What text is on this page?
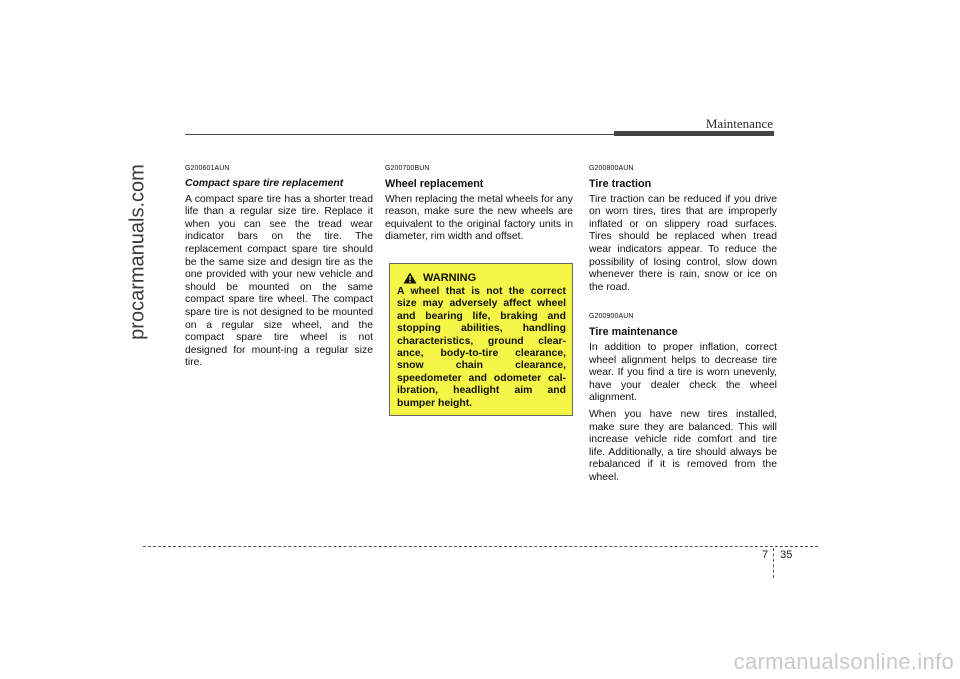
procarmanuals.com
Maintenance
G200601AUN
Compact spare tire replacement

A compact spare tire has a shorter tread life than a regular size tire. Replace it when you can see the tread wear indicator bars on the tire. The replacement compact spare tire should be the same size and design tire as the one provided with your new vehicle and should be mounted on the same compact spare tire wheel. The compact spare tire is not designed to be mounted on a regular size wheel, and the compact spare tire wheel is not designed for mount-ing a regular size tire.

G200700BUN
Wheel replacement

When replacing the metal wheels for any reason, make sure the new wheels are equivalent to the original factory units in diameter, rim width and offset.

WARNING
A wheel that is not the correct size may adversely affect wheel and bearing life, braking and stopping abilities, handling characteristics, ground clear-ance, body-to-tire clearance, snow chain clearance, speedometer and odometer cal-ibration, headlight aim and bumper height.
G200800AUN
Tire traction

Tire traction can be reduced if you drive on worn tires, tires that are improperly inflated or on slippery road surfaces. Tires should be replaced when tread wear indicators appear. To reduce the possibility of losing control, slow down whenever there is rain, snow or ice on the road.

G200900AUN
Tire maintenance

In addition to proper inflation, correct wheel alignment helps to decrease tire wear. If you find a tire is worn unevenly, have your dealer check the wheel alignment.

When you have new tires installed, make sure they are balanced. This will increase vehicle ride comfort and tire life. Additionally, a tire should always be rebalanced if it is removed from the wheel.

7 35
carmanualsonline.info
